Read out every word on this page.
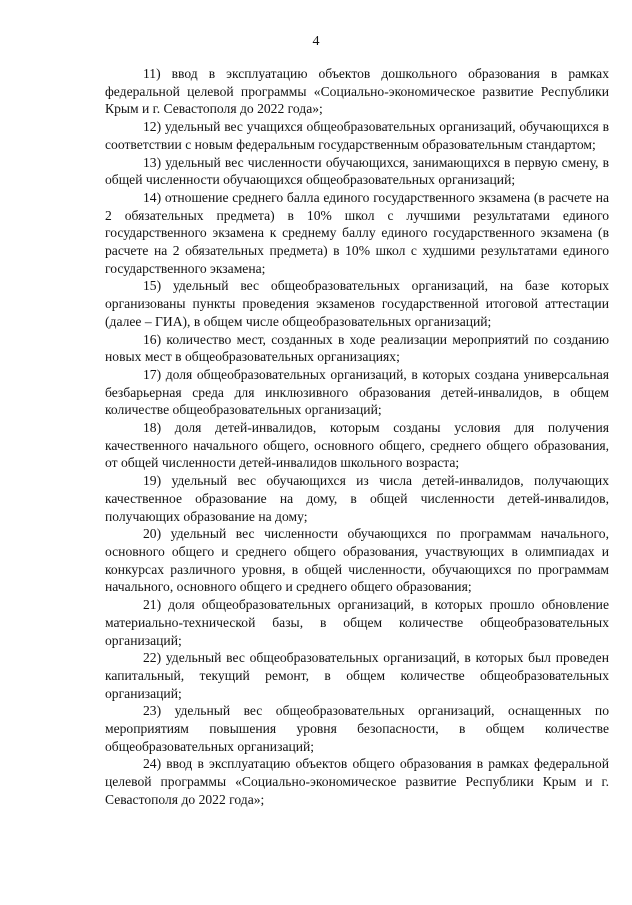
4

11) ввод в эксплуатацию объектов дошкольного образования в рамках федеральной целевой программы «Социально-экономическое развитие Республики Крым и г. Севастополя до 2022 года»;

12) удельный вес учащихся общеобразовательных организаций, обучающихся в соответствии с новым федеральным государственным образовательным стандартом;

13) удельный вес численности обучающихся, занимающихся в первую смену, в общей численности обучающихся общеобразовательных организаций;

14) отношение среднего балла единого государственного экзамена (в расчете на 2 обязательных предмета) в 10% школ с лучшими результатами единого государственного экзамена к среднему баллу единого государственного экзамена (в расчете на 2 обязательных предмета) в 10% школ с худшими результатами единого государственного экзамена;

15) удельный вес общеобразовательных организаций, на базе которых организованы пункты проведения экзаменов государственной итоговой аттестации (далее – ГИА), в общем числе общеобразовательных организаций;

16) количество мест, созданных в ходе реализации мероприятий по созданию новых мест в общеобразовательных организациях;

17) доля общеобразовательных организаций, в которых создана универсальная безбарьерная среда для инклюзивного образования детей-инвалидов, в общем количестве общеобразовательных организаций;

18) доля детей-инвалидов, которым созданы условия для получения качественного начального общего, основного общего, среднего общего образования, от общей численности детей-инвалидов школьного возраста;

19) удельный вес обучающихся из числа детей-инвалидов, получающих качественное образование на дому, в общей численности детей-инвалидов, получающих образование на дому;

20) удельный вес численности обучающихся по программам начального, основного общего и среднего общего образования, участвующих в олимпиадах и конкурсах различного уровня, в общей численности, обучающихся по программам начального, основного общего и среднего общего образования;

21) доля общеобразовательных организаций, в которых прошло обновление материально-технической базы, в общем количестве общеобразовательных организаций;

22) удельный вес общеобразовательных организаций, в которых был проведен капитальный, текущий ремонт, в общем количестве общеобразовательных организаций;

23) удельный вес общеобразовательных организаций, оснащенных по мероприятиям повышения уровня безопасности, в общем количестве общеобразовательных организаций;

24) ввод в эксплуатацию объектов общего образования в рамках федеральной целевой программы «Социально-экономическое развитие Республики Крым и г. Севастополя до 2022 года»;
